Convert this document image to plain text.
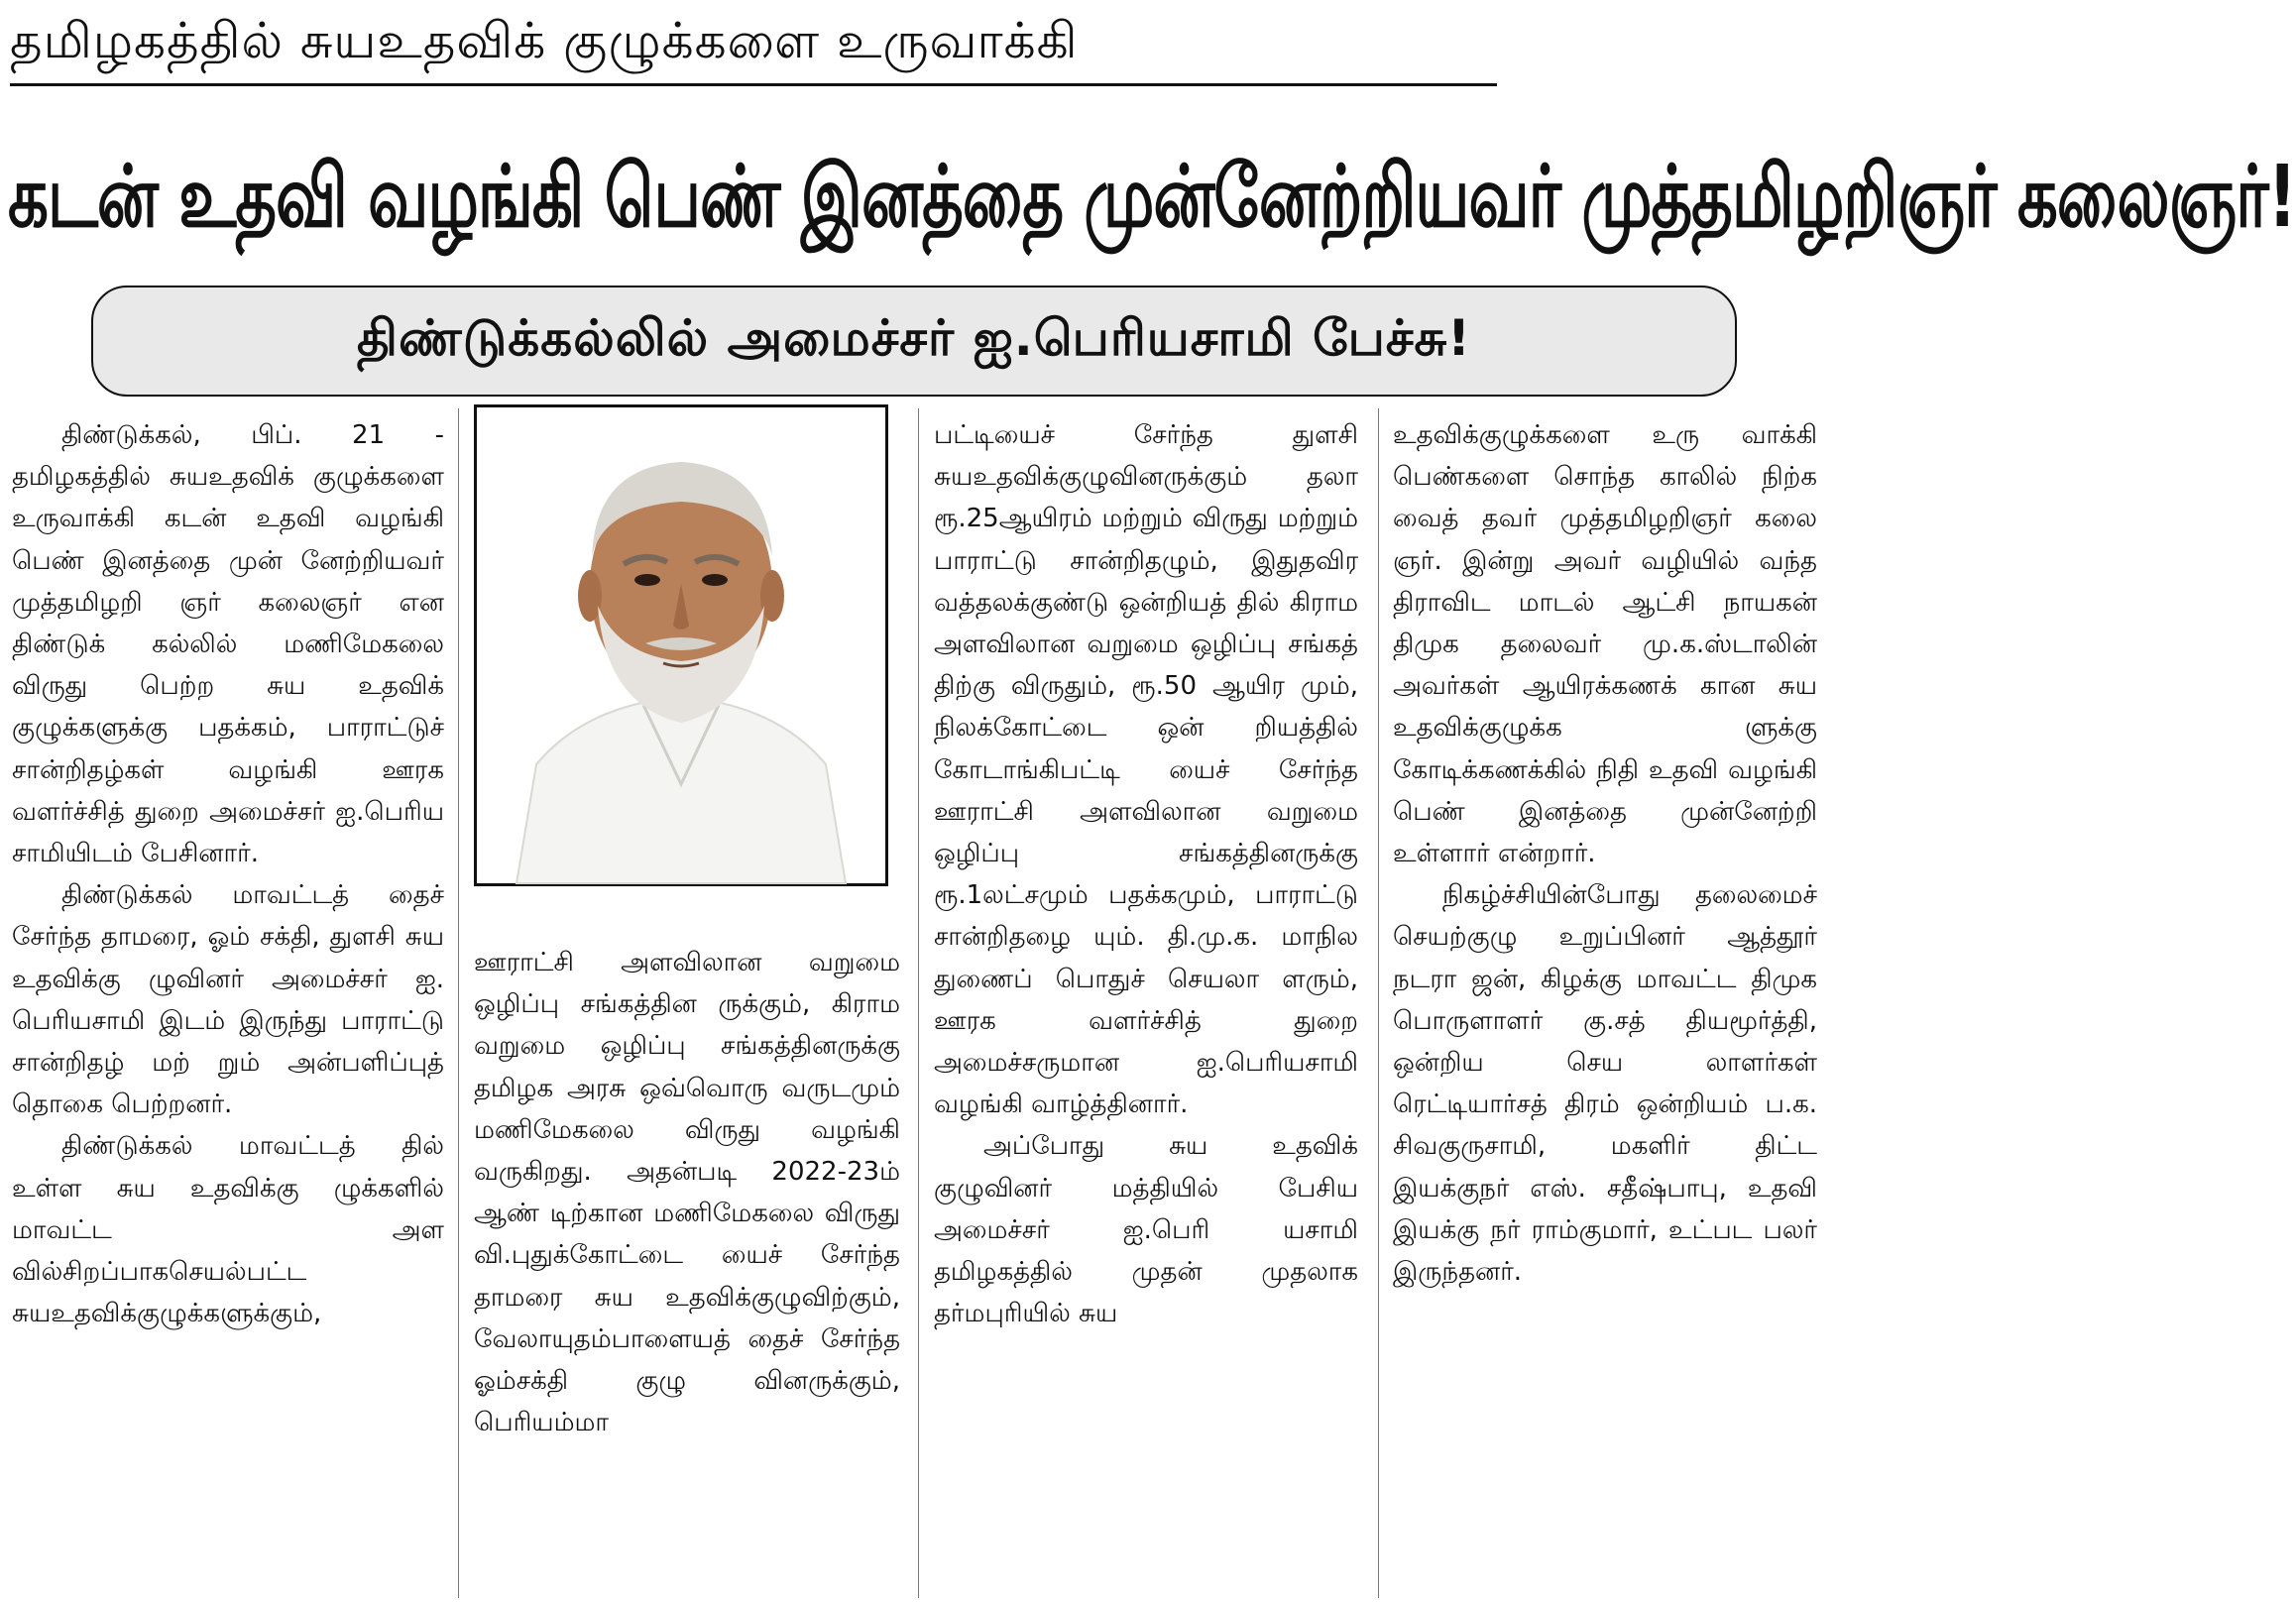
தமிழகத்தில் சுயஉதவிக் குழுக்களை உருவாக்கி
கடன் உதவி வழங்கி பெண் இனத்தை முன்னேற்றியவர் முத்தமிழறிஞர் கலைஞர்!
திண்டுக்கல்லில் அமைச்சர் ஐ.பெரியசாமி பேச்சு!

திண்டுக்கல், பிப். 21 - தமிழகத்தில் சுயஉதவிக் குழுக்களை உருவாக்கி கடன் உதவி வழங்கி பெண் இனத்தை முன் னேற்றியவர் முத்தமிழறி ஞர் கலைஞர் என திண்டுக் கல்லில் மணிமேகலை விருது பெற்ற சுய உதவிக் குழுக்களுக்கு பதக்கம், பாராட்டுச் சான்றிதழ்கள் வழங்கி ஊரக வளர்ச்சித் துறை அமைச்சர் ஐ.பெரிய சாமியிடம் பேசினார்.

திண்டுக்கல் மாவட்டத் தைச் சேர்ந்த தாமரை, ஓம் சக்தி, துளசி சுய உதவிக்கு ழுவினர் அமைச்சர் ஐ. பெரியசாமி இடம் இருந்து பாராட்டு சான்றிதழ் மற் றும் அன்பளிப்புத் தொகை பெற்றனர்.

திண்டுக்கல் மாவட்டத் தில் உள்ள சுய உதவிக்கு ழுக்களில் மாவட்ட அள வில்சிறப்பாகசெயல்பட்ட சுயஉதவிக்குழுக்களுக்கும்,

ஊராட்சி அளவிலான வறுமை ஒழிப்பு சங்கத்தின ருக்கும், கிராம வறுமை ஒழிப்பு சங்கத்தினருக்கு தமிழக அரசு ஒவ்வொரு வருடமும் மணிமேகலை விருது வழங்கி வருகிறது. அதன்படி 2022-23ம் ஆண் டிற்கான மணிமேகலை விருது வி.புதுக்கோட்டை யைச் சேர்ந்த தாமரை சுய உதவிக்குழுவிற்கும், வேலாயுதம்பாளையத் தைச் சேர்ந்த ஓம்சக்தி குழு வினருக்கும், பெரியம்மா

பட்டியைச் சேர்ந்த துளசி சுயஉதவிக்குழுவினருக்கும் தலா ரூ.25ஆயிரம் மற்றும் விருது மற்றும் பாராட்டு சான்றிதழும், இதுதவிர வத்தலக்குண்டு ஒன்றியத் தில் கிராம அளவிலான வறுமை ஒழிப்பு சங்கத் திற்கு விருதும், ரூ.50 ஆயிர மும், நிலக்கோட்டை ஒன் றியத்தில் கோடாங்கிபட்டி யைச் சேர்ந்த ஊராட்சி அளவிலான வறுமை ஒழிப்பு சங்கத்தினருக்கு ரூ.1லட்சமும் பதக்கமும், பாராட்டு சான்றிதழை யும். தி.மு.க. மாநில துணைப் பொதுச் செயலா ளரும், ஊரக வளர்ச்சித் துறை அமைச்சருமான ஐ.பெரியசாமி வழங்கி வாழ்த்தினார்.

அப்போது சுய உதவிக் குழுவினர் மத்தியில் பேசிய அமைச்சர் ஐ.பெரி யசாமி தமிழகத்தில் முதன் முதலாக தர்மபுரியில் சுய

உதவிக்குழுக்களை உரு வாக்கி பெண்களை சொந்த காலில் நிற்க வைத் தவர் முத்தமிழறிஞர் கலை ஞர். இன்று அவர் வழியில் வந்த திராவிட மாடல் ஆட்சி நாயகன் திமுக தலைவர் மு.க.ஸ்டாலின் அவர்கள் ஆயிரக்கணக் கான சுய உதவிக்குழுக்க ளுக்கு கோடிக்கணக்கில் நிதி உதவி வழங்கி பெண் இனத்தை முன்னேற்றி உள்ளார் என்றார்.

நிகழ்ச்சியின்போது தலைமைச் செயற்குழு உறுப்பினர் ஆத்தூர் நடரா ஜன், கிழக்கு மாவட்ட திமுக பொருளாளர் கு.சத் தியமூர்த்தி, ஒன்றிய செய லாளர்கள் ரெட்டியார்சத் திரம் ஒன்றியம் ப.க. சிவகுருசாமி, மகளிர் திட்ட இயக்குநர் எஸ். சதீஷ்பாபு, உதவி இயக்கு நர் ராம்குமார், உட்பட பலர் இருந்தனர்.
